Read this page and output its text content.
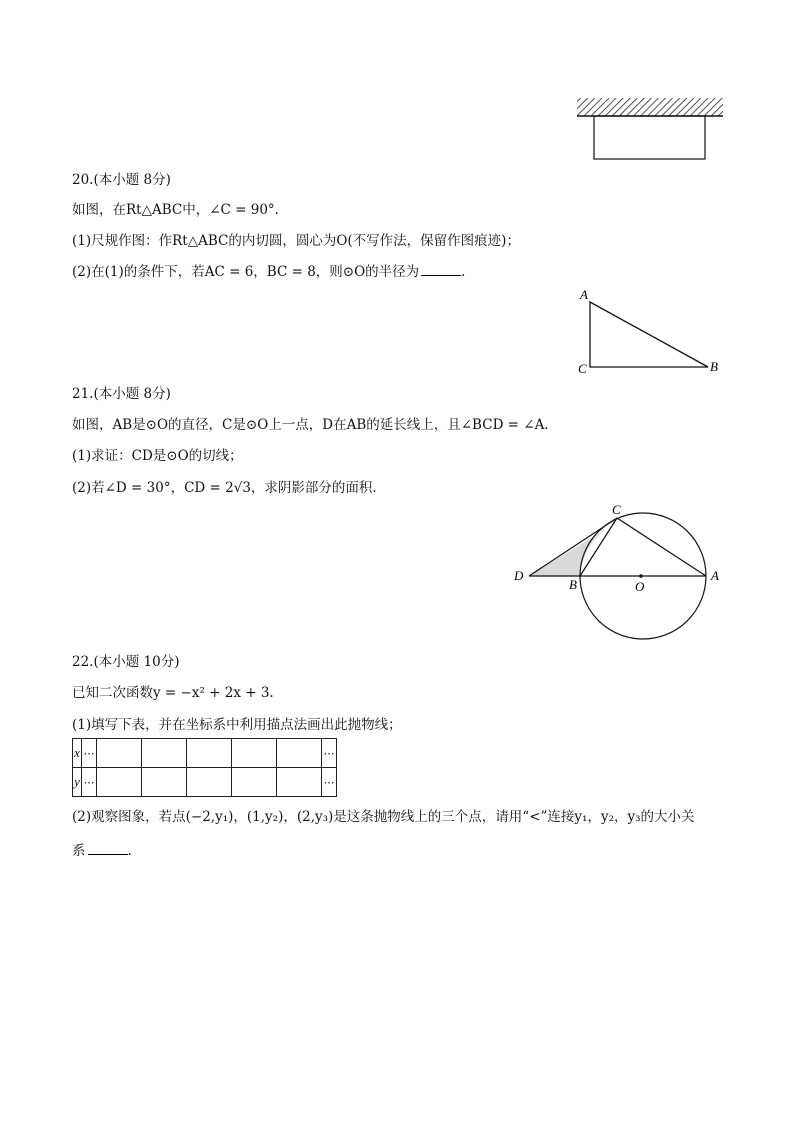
20.(本小题 8分)
如图，在Rt△ABC中，∠C = 90°.
(1)尺规作图：作Rt△ABC的内切圆，圆心为O(不写作法，保留作图痕迹)；
(2)在(1)的条件下，若AC = 6，BC = 8，则⊙O的半径为	.
A
C	B
21.(本小题 8分)
如图，AB是⊙O的直径，C是⊙O上一点，D在AB的延长线上，且∠BCD = ∠A.
(1)求证：CD是⊙O的切线；
(2)若∠D = 30°，CD = 2√3，求阴影部分的面积.
C
D
B	O
A
22.(本小题 10分)
已知二次函数y = −x² + 2x + 3.
(1)填写下表，并在坐标系中利用描点法画出此抛物线；
x	⋯						⋯
y	⋯						⋯
(2)观察图象，若点(−2,y₁)，(1,y₂)，(2,y₃)是这条抛物线上的三个点，请用“<”连接y₁，y₂，y₃的大小关
系	.
